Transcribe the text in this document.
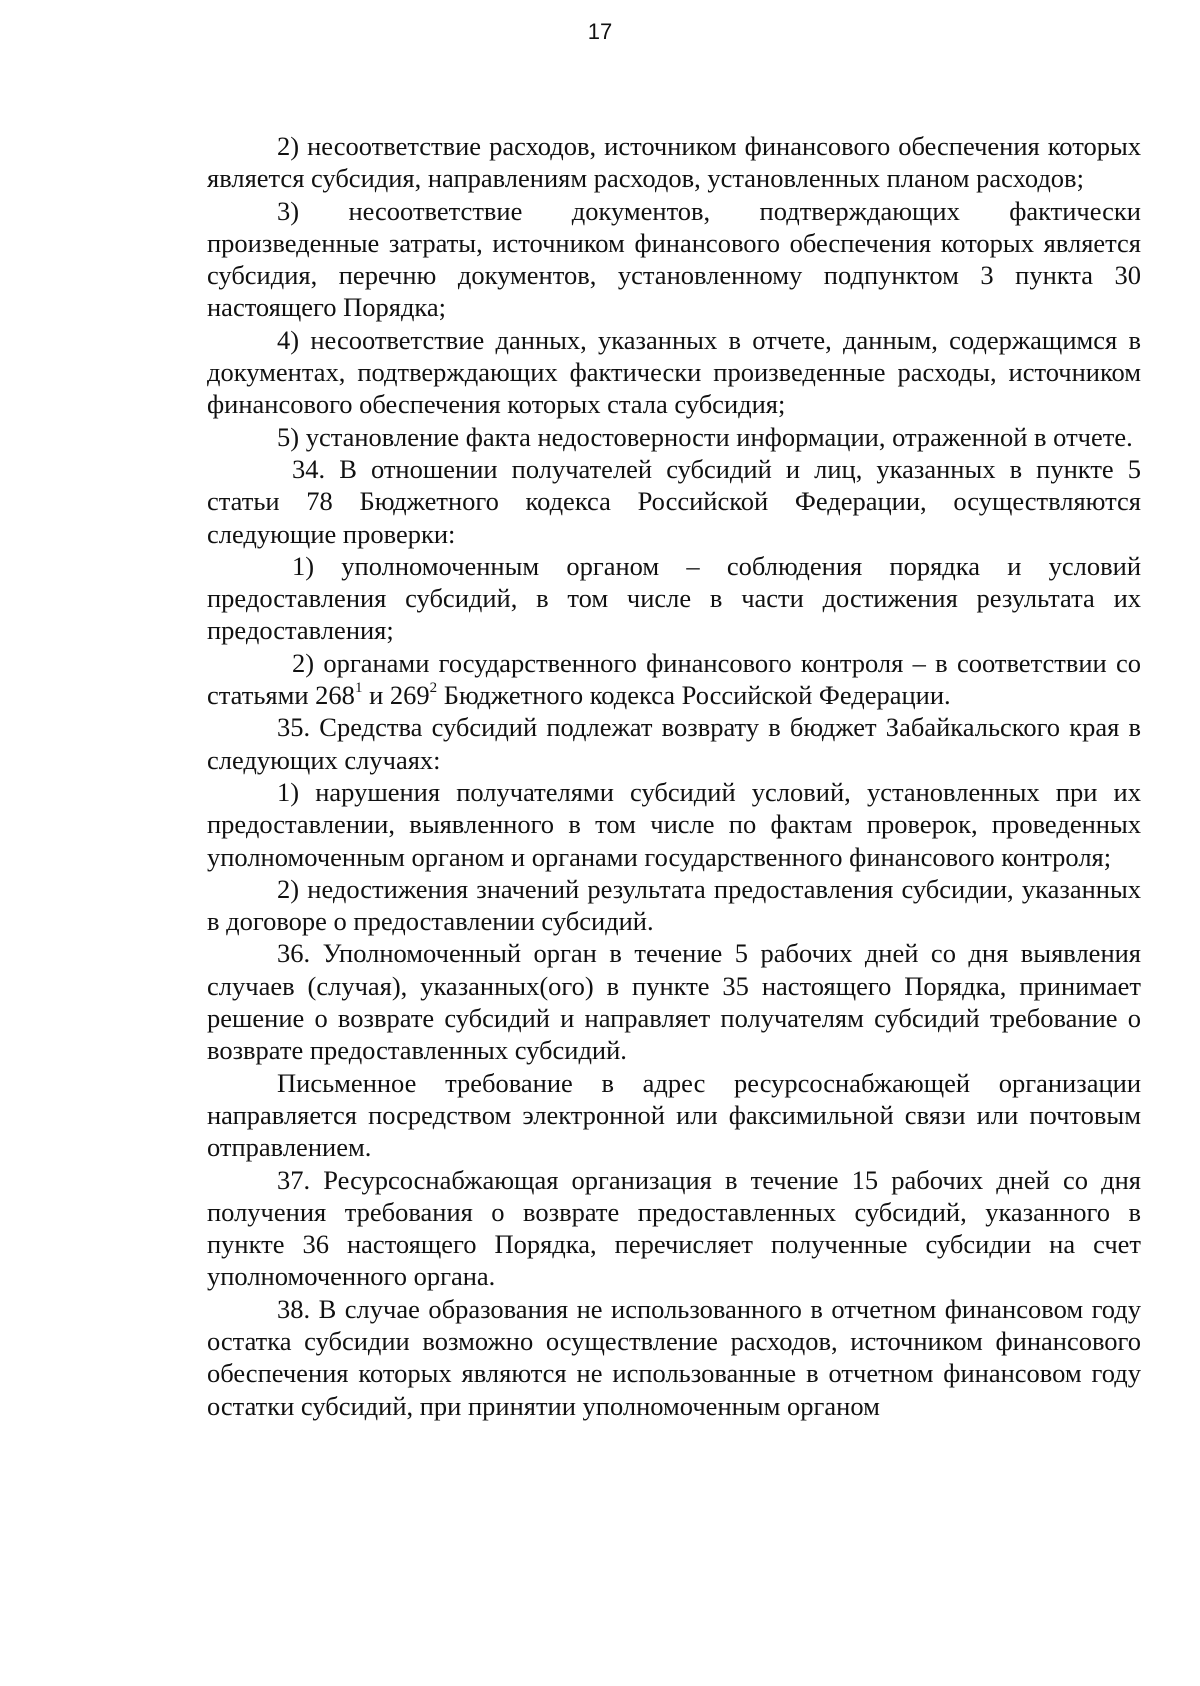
17

2) несоответствие расходов, источником финансового обеспечения которых является субсидия, направлениям расходов, установленных планом расходов;

3) несоответствие документов, подтверждающих фактически произведенные затраты, источником финансового обеспечения которых является субсидия, перечню документов, установленному подпунктом 3 пункта 30 настоящего Порядка;

4) несоответствие данных, указанных в отчете, данным, содержащимся в документах, подтверждающих фактически произведенные расходы, источником финансового обеспечения которых стала субсидия;

5) установление факта недостоверности информации, отраженной в отчете.

34. В отношении получателей субсидий и лиц, указанных в пункте 5 статьи 78 Бюджетного кодекса Российской Федерации, осуществляются следующие проверки:

1) уполномоченным органом – соблюдения порядка и условий предоставления субсидий, в том числе в части достижения результата их предоставления;

2) органами государственного финансового контроля – в соответствии со статьями $268^1$ и $269^2$ Бюджетного кодекса Российской Федерации.

35. Средства субсидий подлежат возврату в бюджет Забайкальского края в следующих случаях:

1) нарушения получателями субсидий условий, установленных при их предоставлении, выявленного в том числе по фактам проверок, проведенных уполномоченным органом и органами государственного финансового контроля;

2) недостижения значений результата предоставления субсидии, указанных в договоре о предоставлении субсидий.

36. Уполномоченный орган в течение 5 рабочих дней со дня выявления случаев (случая), указанных(ого) в пункте 35 настоящего Порядка, принимает решение о возврате субсидий и направляет получателям субсидий требование о возврате предоставленных субсидий.

Письменное требование в адрес ресурсоснабжающей организации направляется посредством электронной или факсимильной связи или почтовым отправлением.

37. Ресурсоснабжающая организация в течение 15 рабочих дней со дня получения требования о возврате предоставленных субсидий, указанного в пункте 36 настоящего Порядка, перечисляет полученные субсидии на счет уполномоченного органа.

38. В случае образования не использованного в отчетном финансовом году остатка субсидии возможно осуществление расходов, источником финансового обеспечения которых являются не использованные в отчетном финансовом году остатки субсидий, при принятии уполномоченным органом
